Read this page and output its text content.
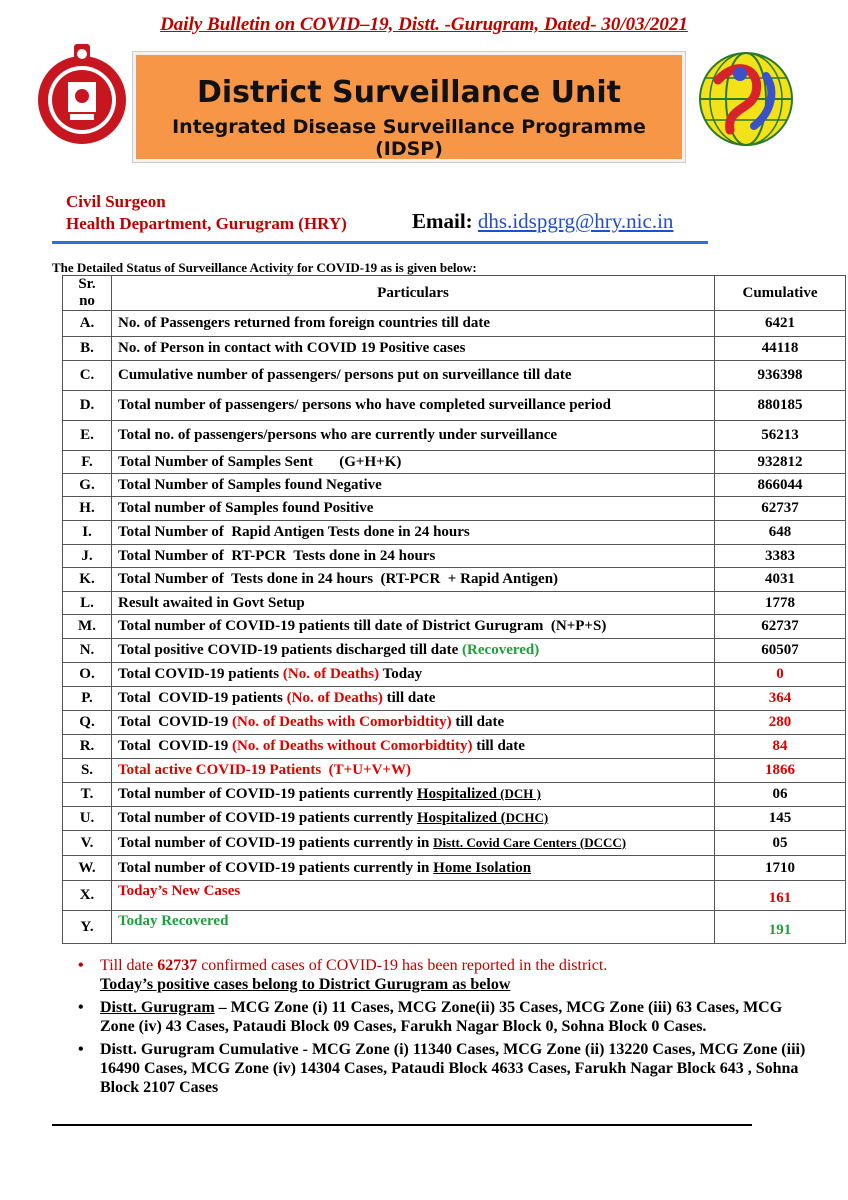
Daily Bulletin on COVID–19, Distt. -Gurugram, Dated- 30/03/2021
District Surveillance Unit
Integrated Disease Surveillance Programme (IDSP)
Civil Surgeon
Health Department, Gurugram (HRY)	Email: dhs.idspgrg@hry.nic.in
The Detailed Status of Surveillance Activity for COVID-19 as is given below:
Sr. no	Particulars	Cumulative
A.	No. of Passengers returned from foreign countries till date	6421
B.	No. of Person in contact with COVID 19 Positive cases	44118
C.	Cumulative number of passengers/ persons put on surveillance till date	936398
D.	Total number of passengers/ persons who have completed surveillance period	880185
E.	Total no. of passengers/persons who are currently under surveillance	56213
F.	Total Number of Samples Sent       (G+H+K)	932812
G.	Total Number of Samples found Negative	866044
H.	Total number of Samples found Positive	62737
I.	Total Number of  Rapid Antigen Tests done in 24 hours	648
J.	Total Number of  RT-PCR  Tests done in 24 hours	3383
K.	Total Number of  Tests done in 24 hours  (RT-PCR  + Rapid Antigen)	4031
L.	Result awaited in Govt Setup	1778
M.	Total number of COVID-19 patients till date of District Gurugram  (N+P+S)	62737
N.	Total positive COVID-19 patients discharged till date (Recovered)	60507
O.	Total COVID-19 patients (No. of Deaths) Today	0
P.	Total  COVID-19 patients (No. of Deaths) till date	364
Q.	Total  COVID-19 (No. of Deaths with Comorbidtity) till date	280
R.	Total  COVID-19 (No. of Deaths without Comorbidtity) till date	84
S.	Total active COVID-19 Patients  (T+U+V+W)	1866
T.	Total number of COVID-19 patients currently Hospitalized (DCH )	06
U.	Total number of COVID-19 patients currently Hospitalized (DCHC)	145
V.	Total number of COVID-19 patients currently in Distt. Covid Care Centers (DCCC)	05
W.	Total number of COVID-19 patients currently in Home Isolation	1710
X.	Today’s New Cases	161
Y.	Today Recovered	191
• Till date 62737 confirmed cases of COVID-19 has been reported in the district.
Today’s positive cases belong to District Gurugram as below
• Distt. Gurugram – MCG Zone (i) 11 Cases, MCG Zone(ii) 35 Cases, MCG Zone (iii) 63 Cases, MCG Zone (iv) 43 Cases, Pataudi Block 09 Cases, Farukh Nagar Block 0, Sohna Block 0 Cases.
• Distt. Gurugram Cumulative - MCG Zone (i) 11340 Cases, MCG Zone (ii) 13220 Cases, MCG Zone (iii) 16490 Cases, MCG Zone (iv) 14304 Cases, Pataudi Block 4633 Cases, Farukh Nagar Block 643 , Sohna Block 2107 Cases
